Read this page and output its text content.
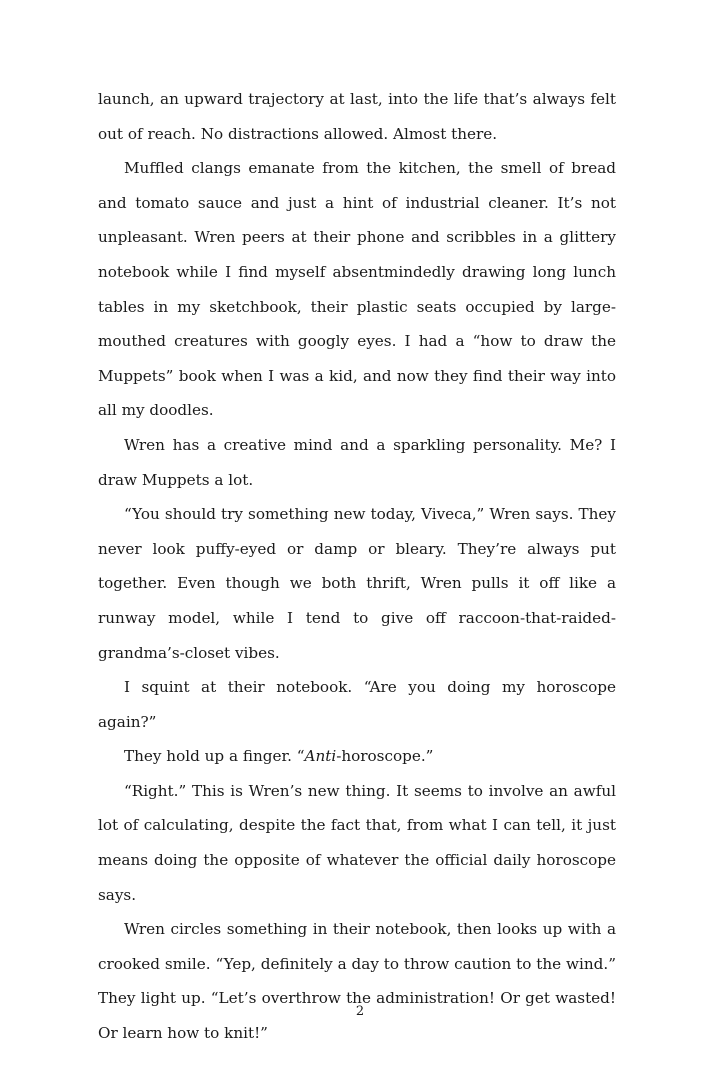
launch, an upward trajectory at last, into the life that’s always felt out of reach. No distractions allowed. Almost there.

Muffled clangs emanate from the kitchen, the smell of bread and tomato sauce and just a hint of industrial cleaner. It’s not unpleasant. Wren peers at their phone and scribbles in a glittery notebook while I find myself absentmindedly drawing long lunch tables in my sketchbook, their plastic seats occupied by large-mouthed creatures with googly eyes. I had a “how to draw the Muppets” book when I was a kid, and now they find their way into all my doodles.

Wren has a creative mind and a sparkling personality. Me? I draw Muppets a lot.

“You should try something new today, Viveca,” Wren says. They never look puffy-eyed or damp or bleary. They’re always put together. Even though we both thrift, Wren pulls it off like a runway model, while I tend to give off raccoon-that-raided-grandma’s-closet vibes.

I squint at their notebook. “Are you doing my horoscope again?”

They hold up a finger. “Anti-horoscope.”

“Right.” This is Wren’s new thing. It seems to involve an awful lot of calculating, despite the fact that, from what I can tell, it just means doing the opposite of whatever the official daily horoscope says.

Wren circles something in their notebook, then looks up with a crooked smile. “Yep, definitely a day to throw caution to the wind.” They light up. “Let’s overthrow the administration! Or get wasted! Or learn how to knit!”

2
